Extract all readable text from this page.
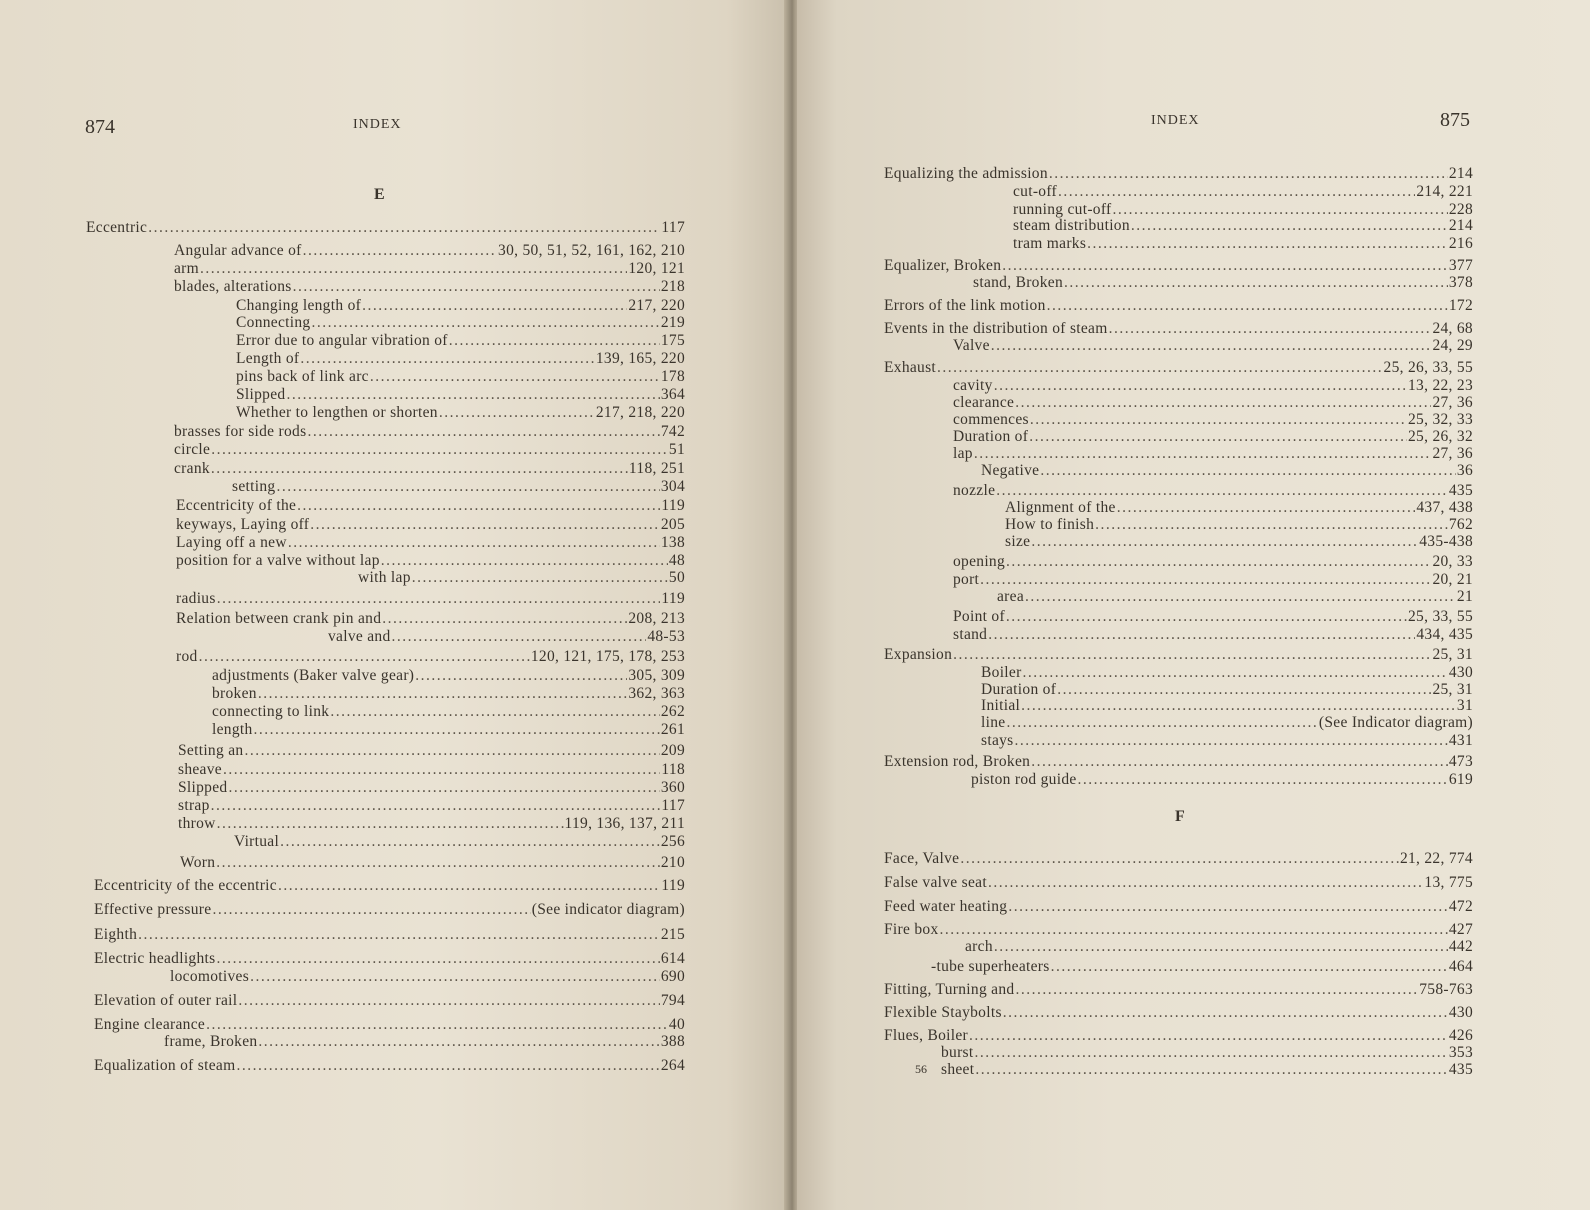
874	INDEX
E
Eccentric .....	117
Angular advance of .....	30, 50, 51, 52, 161, 162, 210
arm .....	120, 121
blades, alterations .....	218
Changing length of .....	217, 220
Connecting .....	219
Error due to angular vibration of .....	175
Length of .....	139, 165, 220
pins back of link arc .....	178
Slipped .....	364
Whether to lengthen or shorten .....	217, 218, 220
brasses for side rods .....	742
circle .....	51
crank .....	118, 251
setting .....	304
Eccentricity of the .....	119
keyways, Laying off .....	205
Laying off a new .....	138
position for a valve without lap .....	48
with lap .....	50
radius .....	119
Relation between crank pin and .....	208, 213
valve and .....	48-53
rod .....	120, 121, 175, 178, 253
adjustments (Baker valve gear) .....	305, 309
broken .....	362, 363
connecting to link .....	262
length .....	261
Setting an .....	209
sheave .....	118
Slipped .....	360
strap .....	117
throw .....	119, 136, 137, 211
Virtual .....	256
Worn .....	210
Eccentricity of the eccentric .....	119
Effective pressure .....	(See indicator diagram)
Eighth .....	215
Electric headlights .....	614
locomotives .....	690
Elevation of outer rail .....	794
Engine clearance .....	40
frame, Broken .....	388
Equalization of steam .....	264
INDEX	875
F
Equalizing the admission .....	214
cut-off .....	214, 221
running cut-off .....	228
steam distribution .....	214
tram marks .....	216
Equalizer, Broken .....	377
stand, Broken .....	378
Errors of the link motion .....	172
Events in the distribution of steam .....	24, 68
Valve .....	24, 29
Exhaust .....	25, 26, 33, 55
cavity .....	13, 22, 23
clearance .....	27, 36
commences .....	25, 32, 33
Duration of .....	25, 26, 32
lap .....	27, 36
Negative .....	36
nozzle .....	435
Alignment of the .....	437, 438
How to finish .....	762
size .....	435-438
opening .....	20, 33
port .....	20, 21
area .....	21
Point of .....	25, 33, 55
stand .....	434, 435
Expansion .....	25, 31
Boiler .....	430
Duration of .....	25, 31
Initial .....	31
line .....	(See Indicator diagram)
stays .....	431
Extension rod, Broken .....	473
piston rod guide .....	619
Face, Valve .....	21, 22, 774
False valve seat .....	13, 775
Feed water heating .....	472
Fire box .....	427
arch .....	442
-tube superheaters .....	464
Fitting, Turning and .....	758-763
Flexible Staybolts .....	430
Flues, Boiler .....	426
burst .....	353
sheet .....	435
56
